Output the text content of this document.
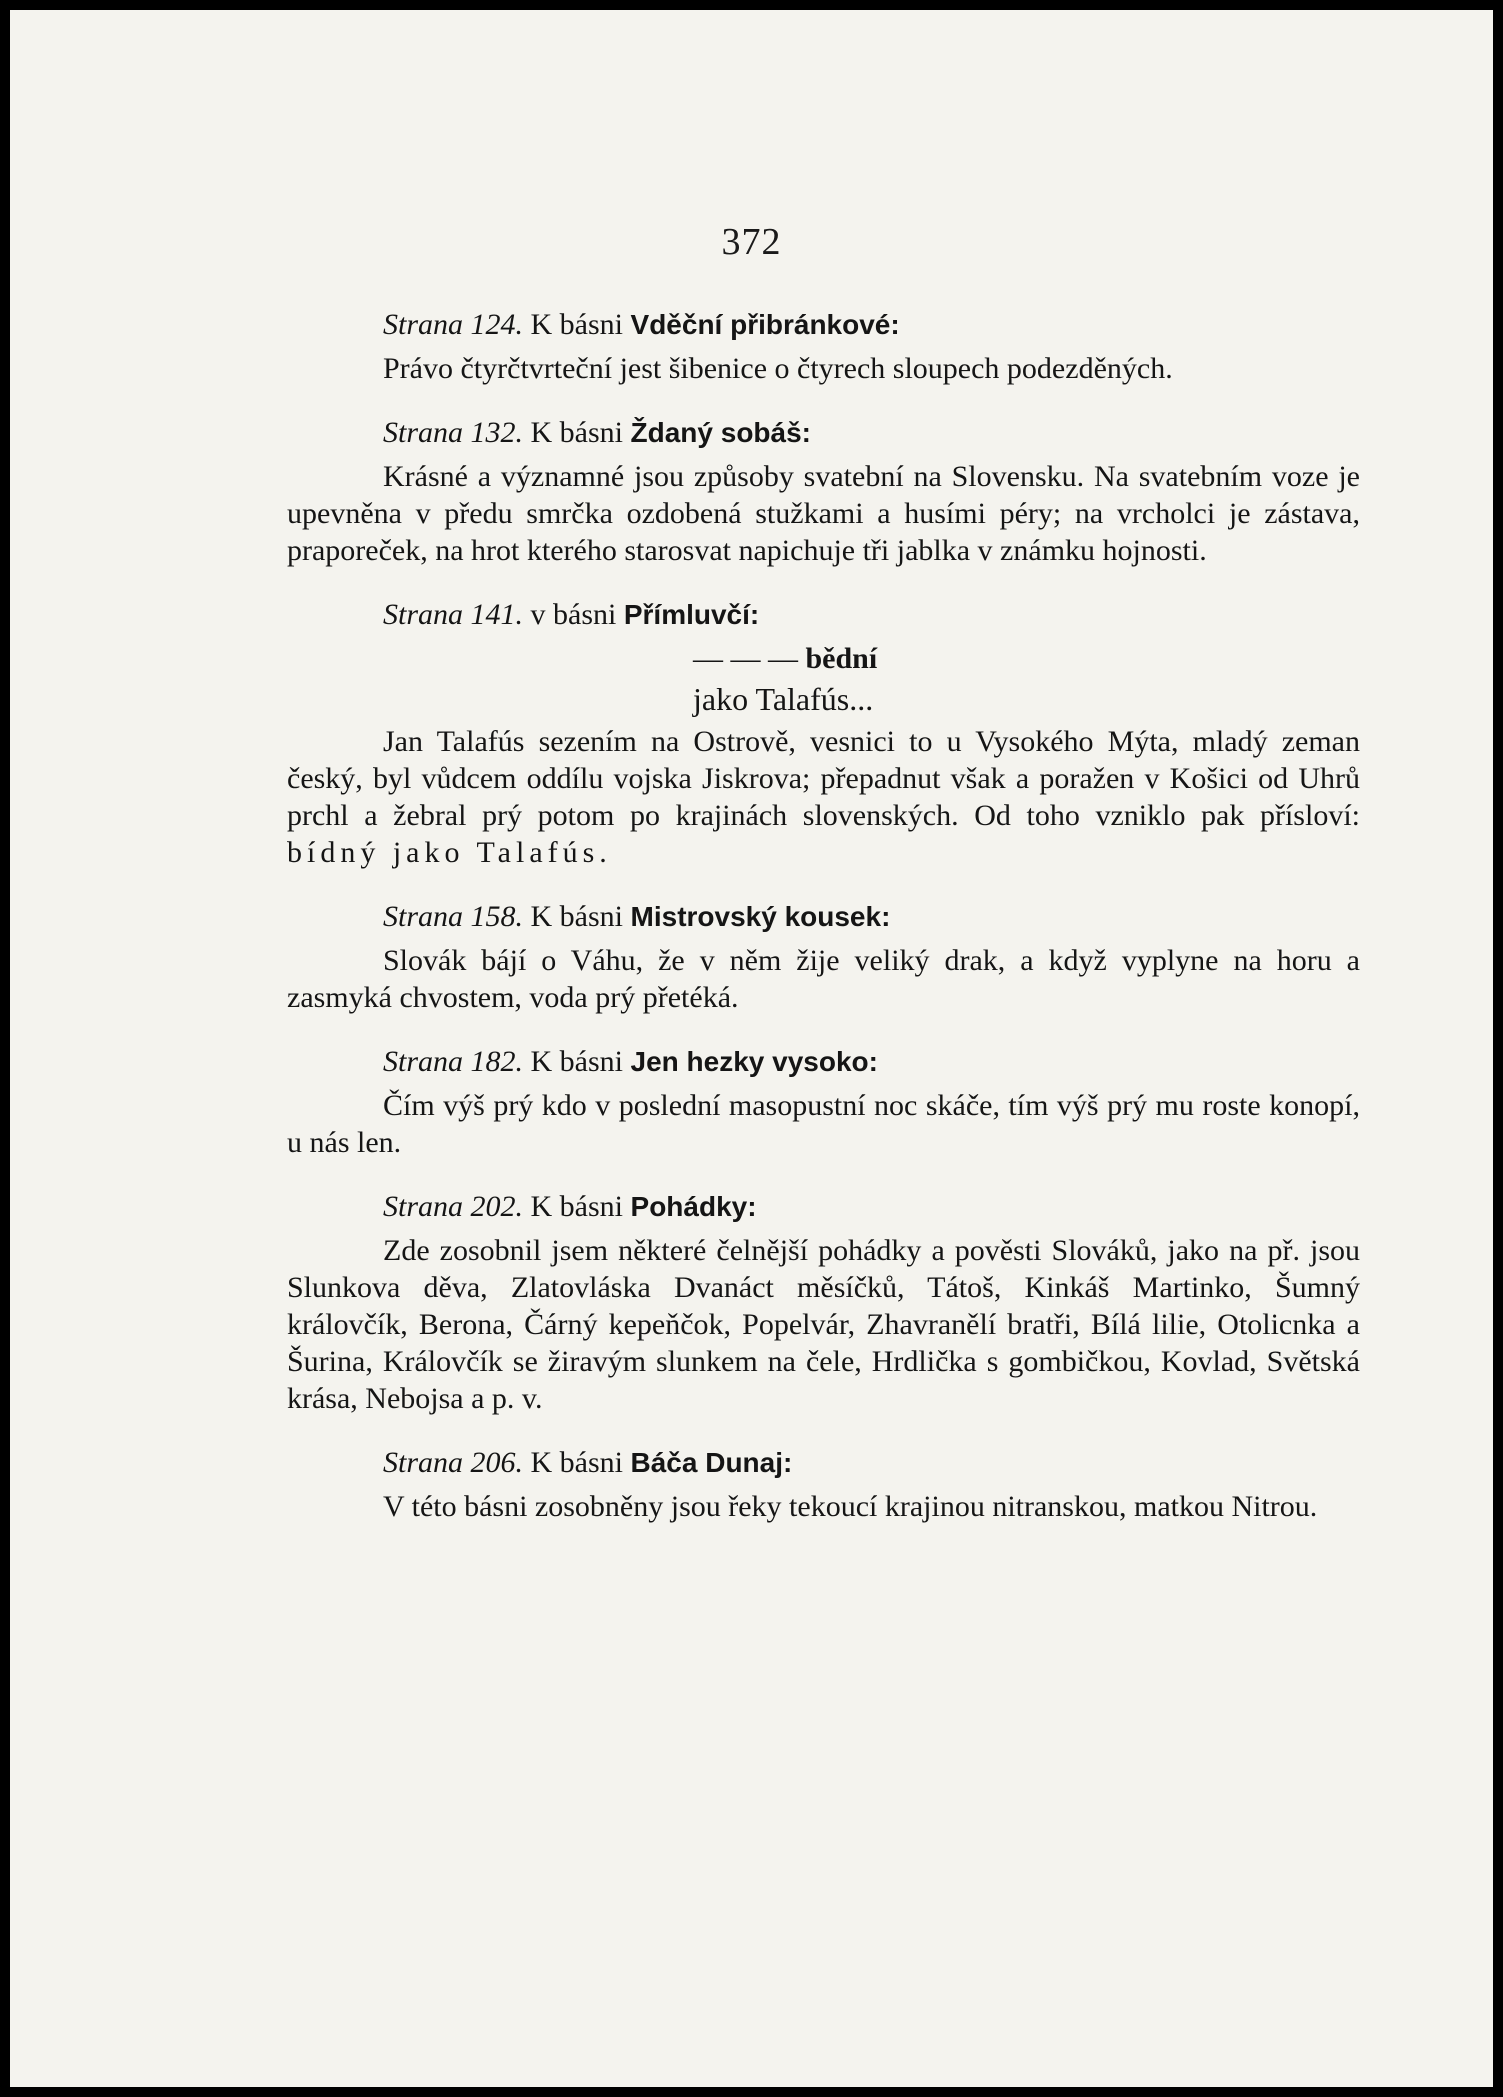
372
Strana 124. K básni Vděční přibránkové:

Právo čtyrčtvrteční jest šibenice o čtyrech sloupech podezděných.

Strana 132. K básni Ždaný sobáš:

Krásné a významné jsou způsoby svatební na Slovensku. Na svatebním voze je upevněna v předu smrčka ozdobená stužkami a husími péry; na vrcholci je zástava, praporeček, na hrot kterého starosvat napichuje tři jablka v známku hojnosti.

Strana 141. v básni Přímluvčí:
— — — bědní
jako Talafús...

Jan Talafús sezením na Ostrově, vesnici to u Vysokého Mýta, mladý zeman český, byl vůdcem oddílu vojska Jiskrova; přepadnut však a poražen v Košici od Uhrů prchl a žebral prý potom po krajinách slovenských. Od toho vzniklo pak přísloví: bídný jako Talafús.

Strana 158. K básni Mistrovský kousek:

Slovák bájí o Váhu, že v něm žije veliký drak, a když vyplyne na horu a zasmyká chvostem, voda prý přetéká.

Strana 182. K básni Jen hezky vysoko:

Čím výš prý kdo v poslední masopustní noc skáče, tím výš prý mu roste konopí, u nás len.

Strana 202. K básni Pohádky:

Zde zosobnil jsem některé čelnější pohádky a pověsti Slováků, jako na př. jsou Slunkova děva, Zlatovláska Dvanáct měsíčků, Tátoš, Kinkáš Martinko, Šumný královčík, Berona, Čárný kepeňčok, Popelvár, Zhavranělí bratři, Bílá lilie, Otolicnka a Šurina, Královčík se žiravým slunkem na čele, Hrdlička s gombičkou, Kovlad, Světská krása, Nebojsa a p. v.

Strana 206. K básni Báča Dunaj:

V této básni zosobněny jsou řeky tekoucí krajinou nitranskou, matkou Nitrou.
